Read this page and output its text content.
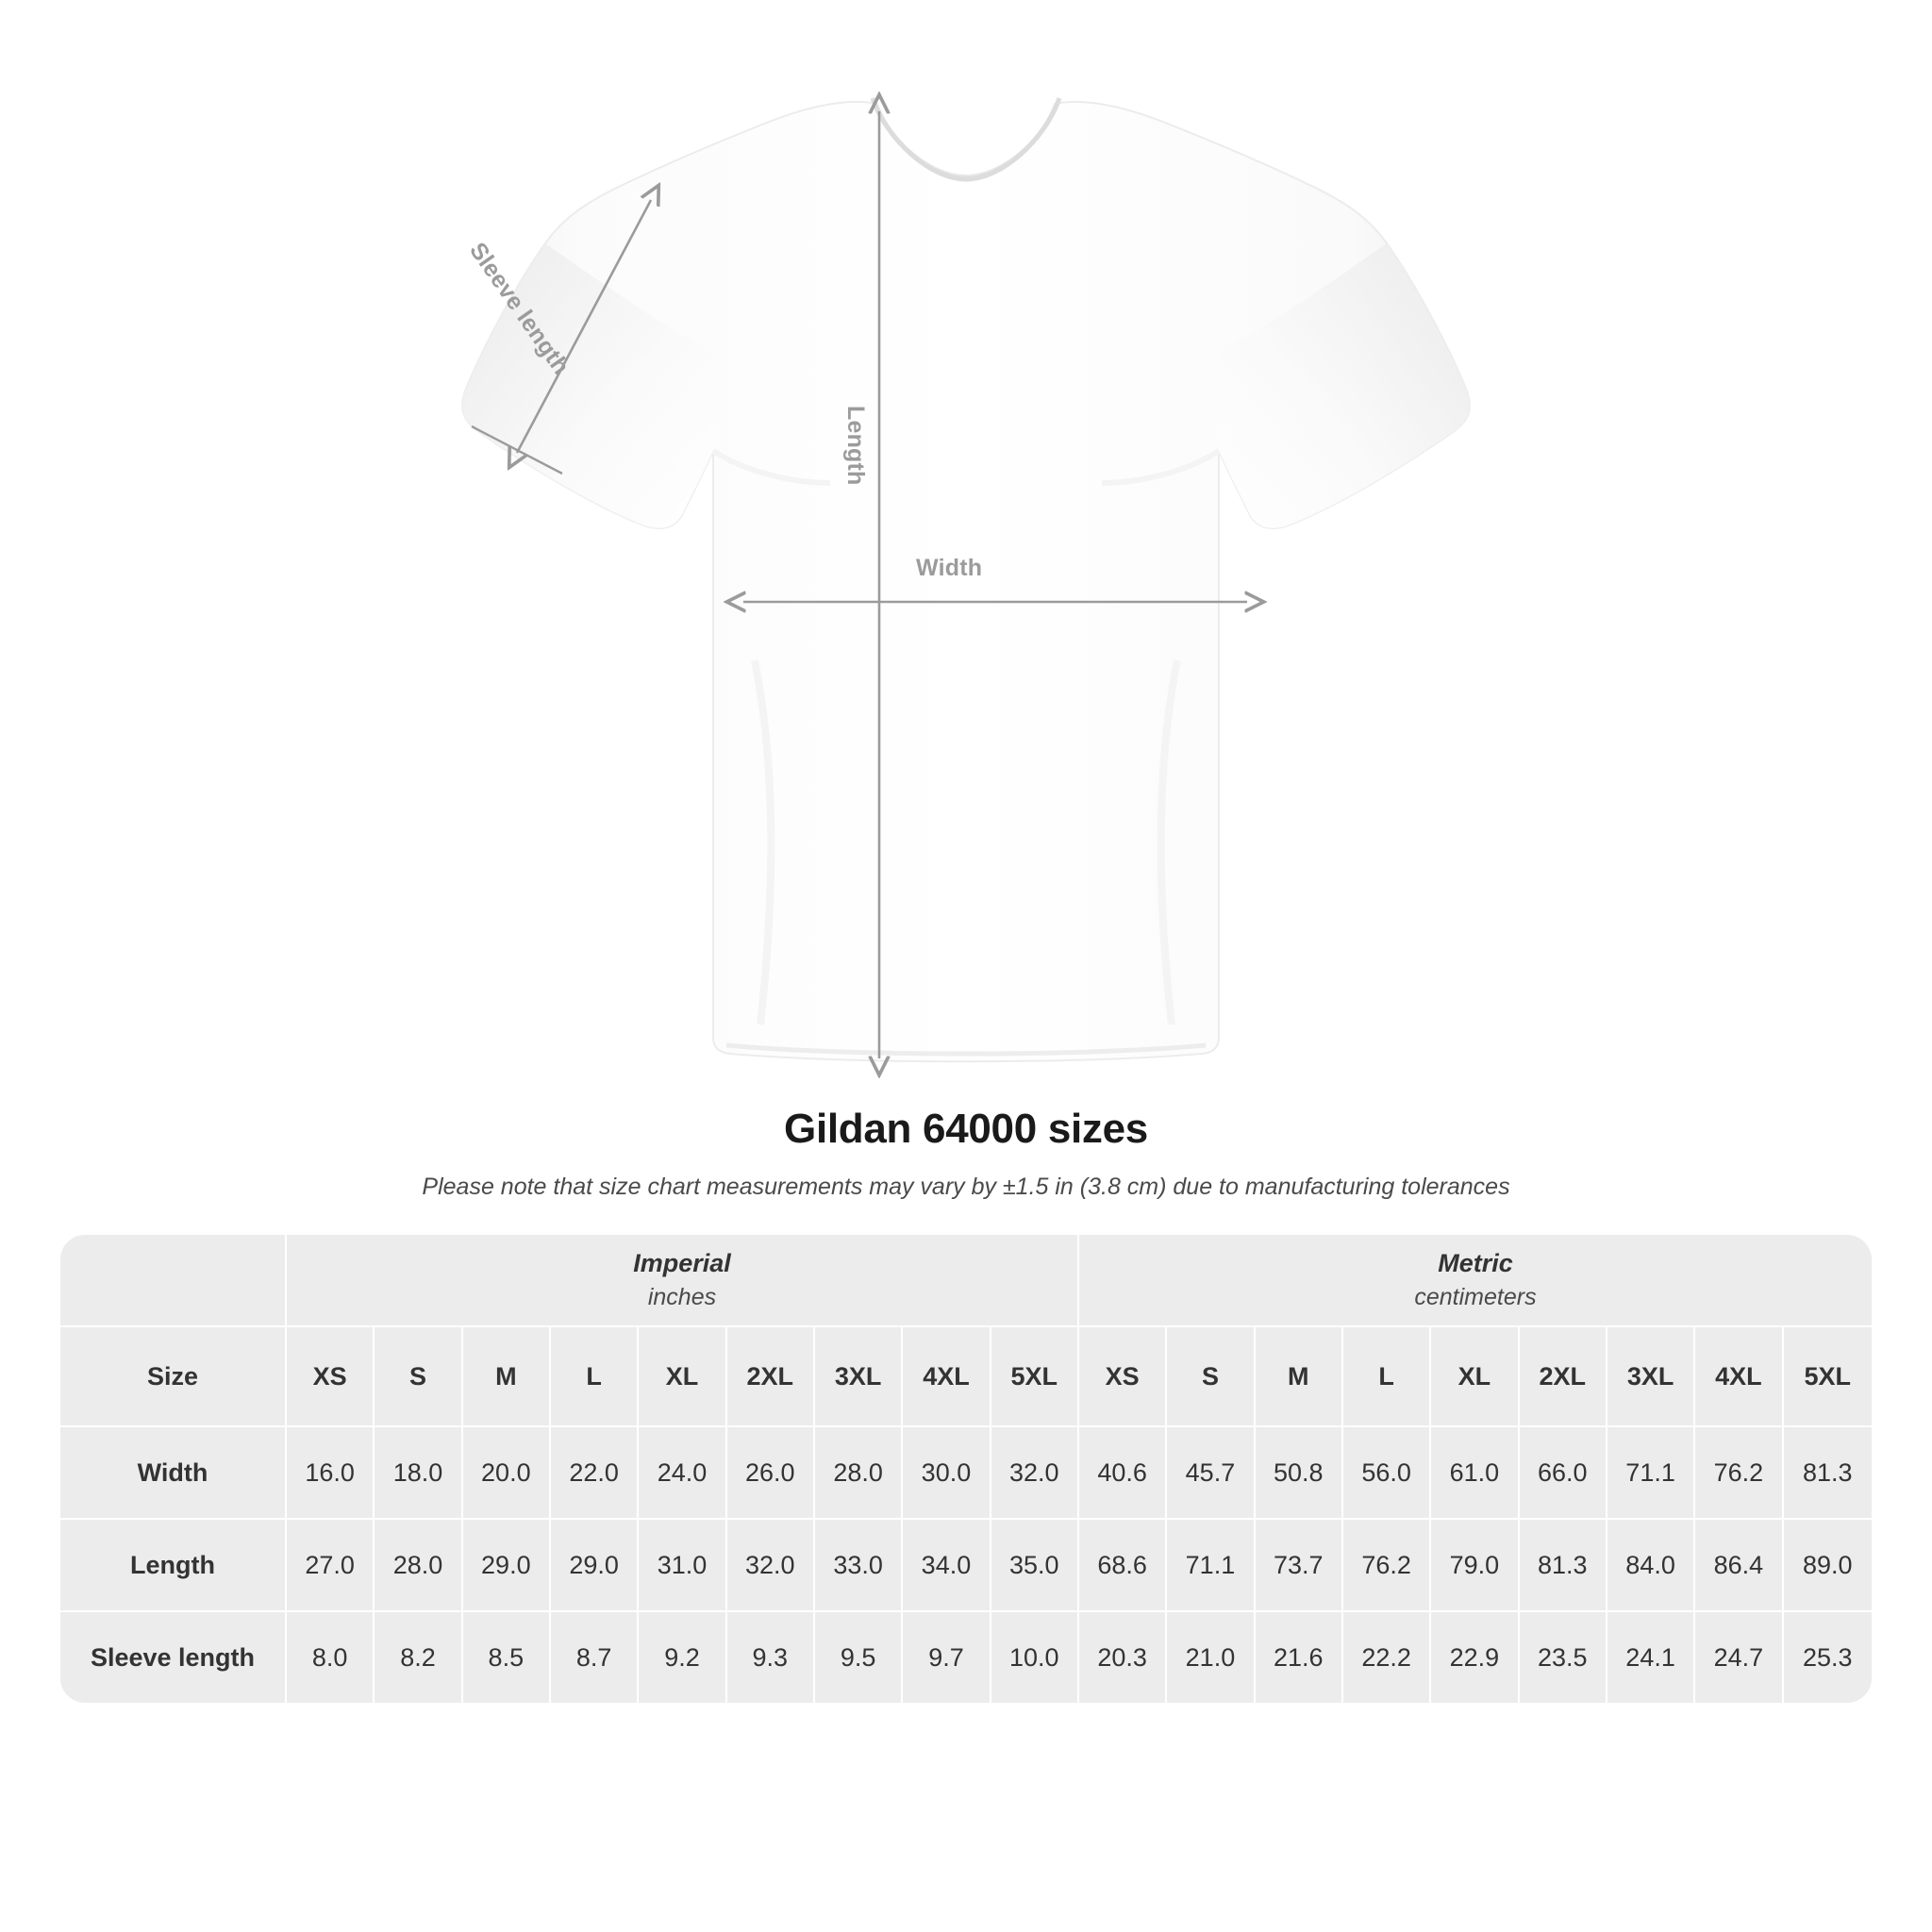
Length
Width
Sleeve length
Gildan 64000 sizes
Please note that size chart measurements may vary by ±1.5 in (3.8 cm) due to manufacturing tolerances
	Imperial
inches									Metric
centimeters								

Size	XS	S	M	L	XL	2XL	3XL	4XL	5XL	XS	S	M	L	XL	2XL	3XL	4XL	5XL
Width	16.0	18.0	20.0	22.0	24.0	26.0	28.0	30.0	32.0	40.6	45.7	50.8	56.0	61.0	66.0	71.1	76.2	81.3
Length	27.0	28.0	29.0	29.0	31.0	32.0	33.0	34.0	35.0	68.6	71.1	73.7	76.2	79.0	81.3	84.0	86.4	89.0
Sleeve length	8.0	8.2	8.5	8.7	9.2	9.3	9.5	9.7	10.0	20.3	21.0	21.6	22.2	22.9	23.5	24.1	24.7	25.3
